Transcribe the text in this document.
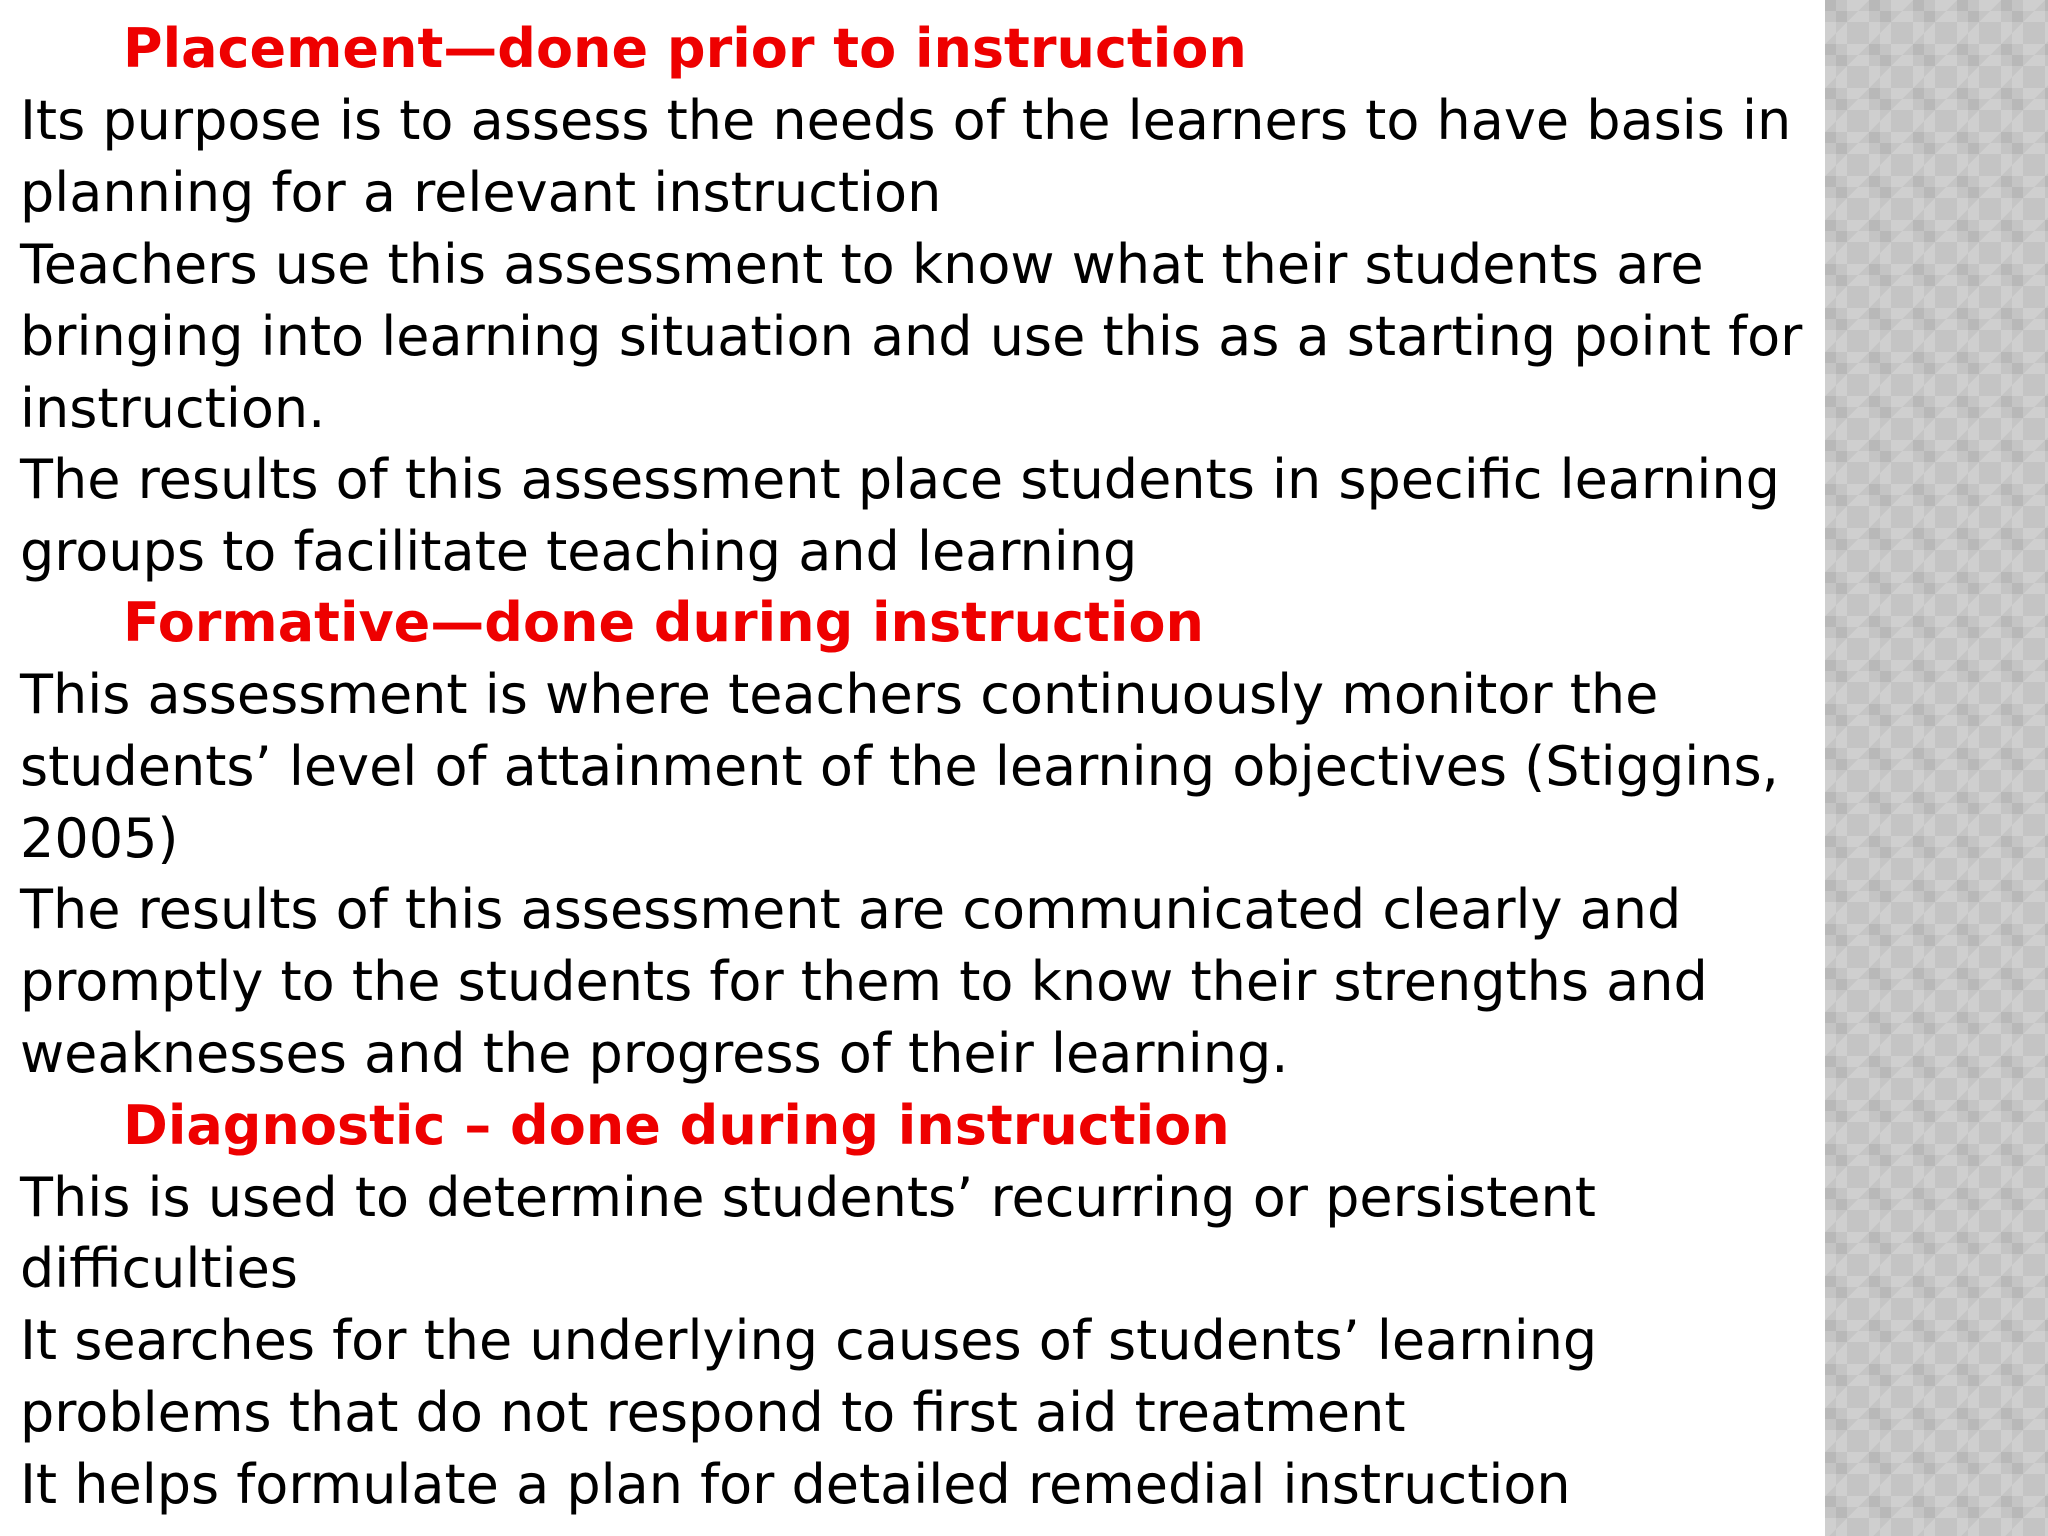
Placement—done prior to instruction

Its purpose is to assess the needs of the learners to have basis in

planning for a relevant instruction

Teachers use this assessment to know what their students are

bringing into learning situation and use this as a starting point for

instruction.

The results of this assessment place students in specific learning

groups to facilitate teaching and learning

Formative—done during instruction

This assessment is where teachers continuously monitor the

students’ level of attainment of the learning objectives (Stiggins,

2005)

The results of this assessment are communicated clearly and

promptly to the students for them to know their strengths and

weaknesses and the progress of their learning.

Diagnostic – done during instruction

This is used to determine students’ recurring or persistent

difficulties

It searches for the underlying causes of students’ learning

problems that do not respond to first aid treatment

It helps formulate a plan for detailed remedial instruction
